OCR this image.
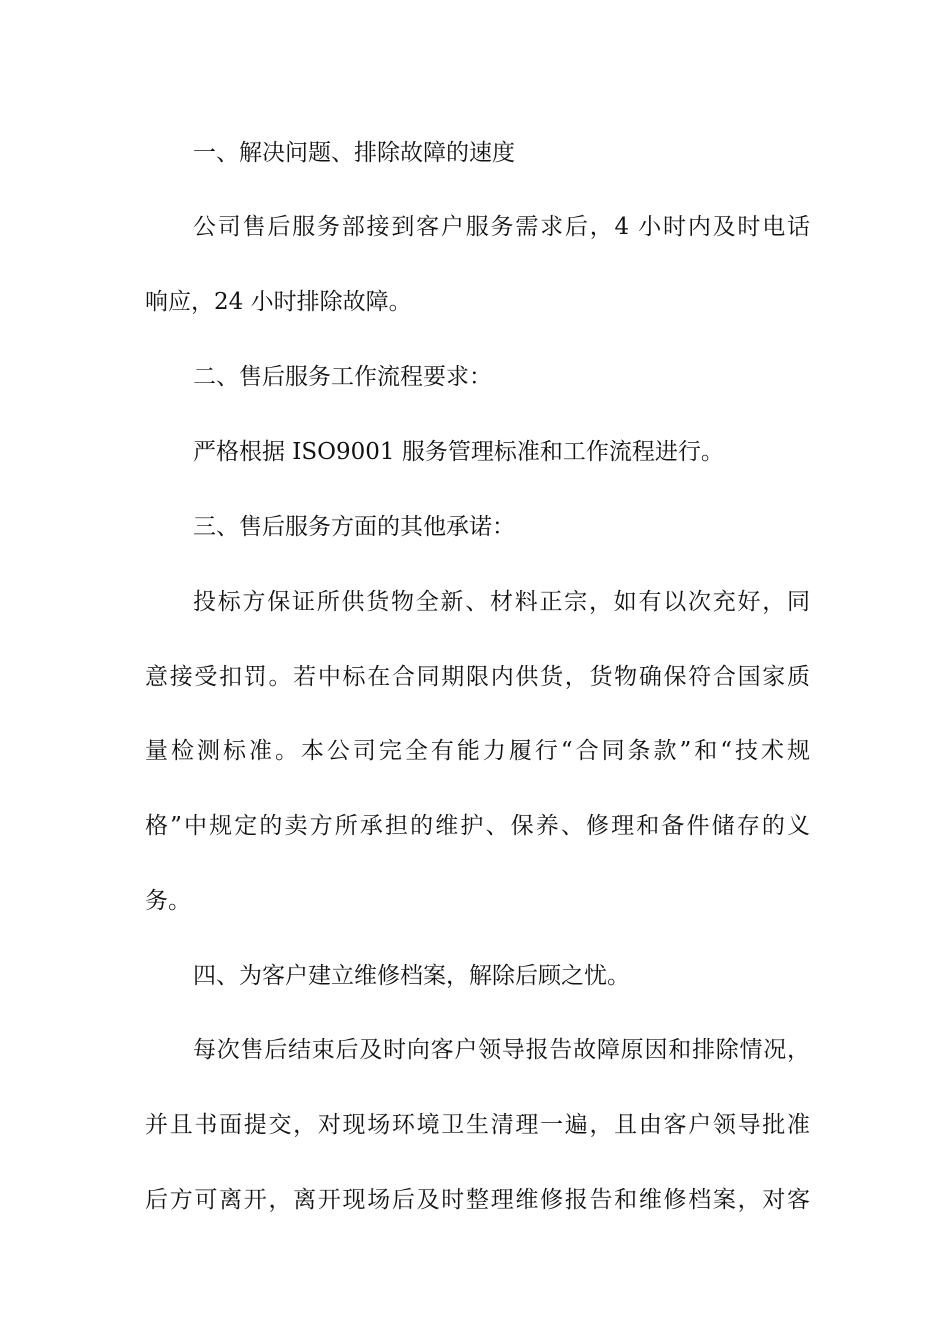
一、解决问题、排除故障的速度

公司售后服务部接到客户服务需求后，4 小时内及时电话

响应，24 小时排除故障。

二、售后服务工作流程要求：

严格根据 ISO9001 服务管理标准和工作流程进行。

三、售后服务方面的其他承诺：

投标方保证所供货物全新、材料正宗，如有以次充好，同

意接受扣罚。若中标在合同期限内供货，货物确保符合国家质

量检测标准。本公司完全有能力履行“合同条款”和“技术规

格”中规定的卖方所承担的维护、保养、修理和备件储存的义

务。

四、为客户建立维修档案，解除后顾之忧。

每次售后结束后及时向客户领导报告故障原因和排除情况，

并且书面提交，对现场环境卫生清理一遍，且由客户领导批准

后方可离开，离开现场后及时整理维修报告和维修档案，对客
